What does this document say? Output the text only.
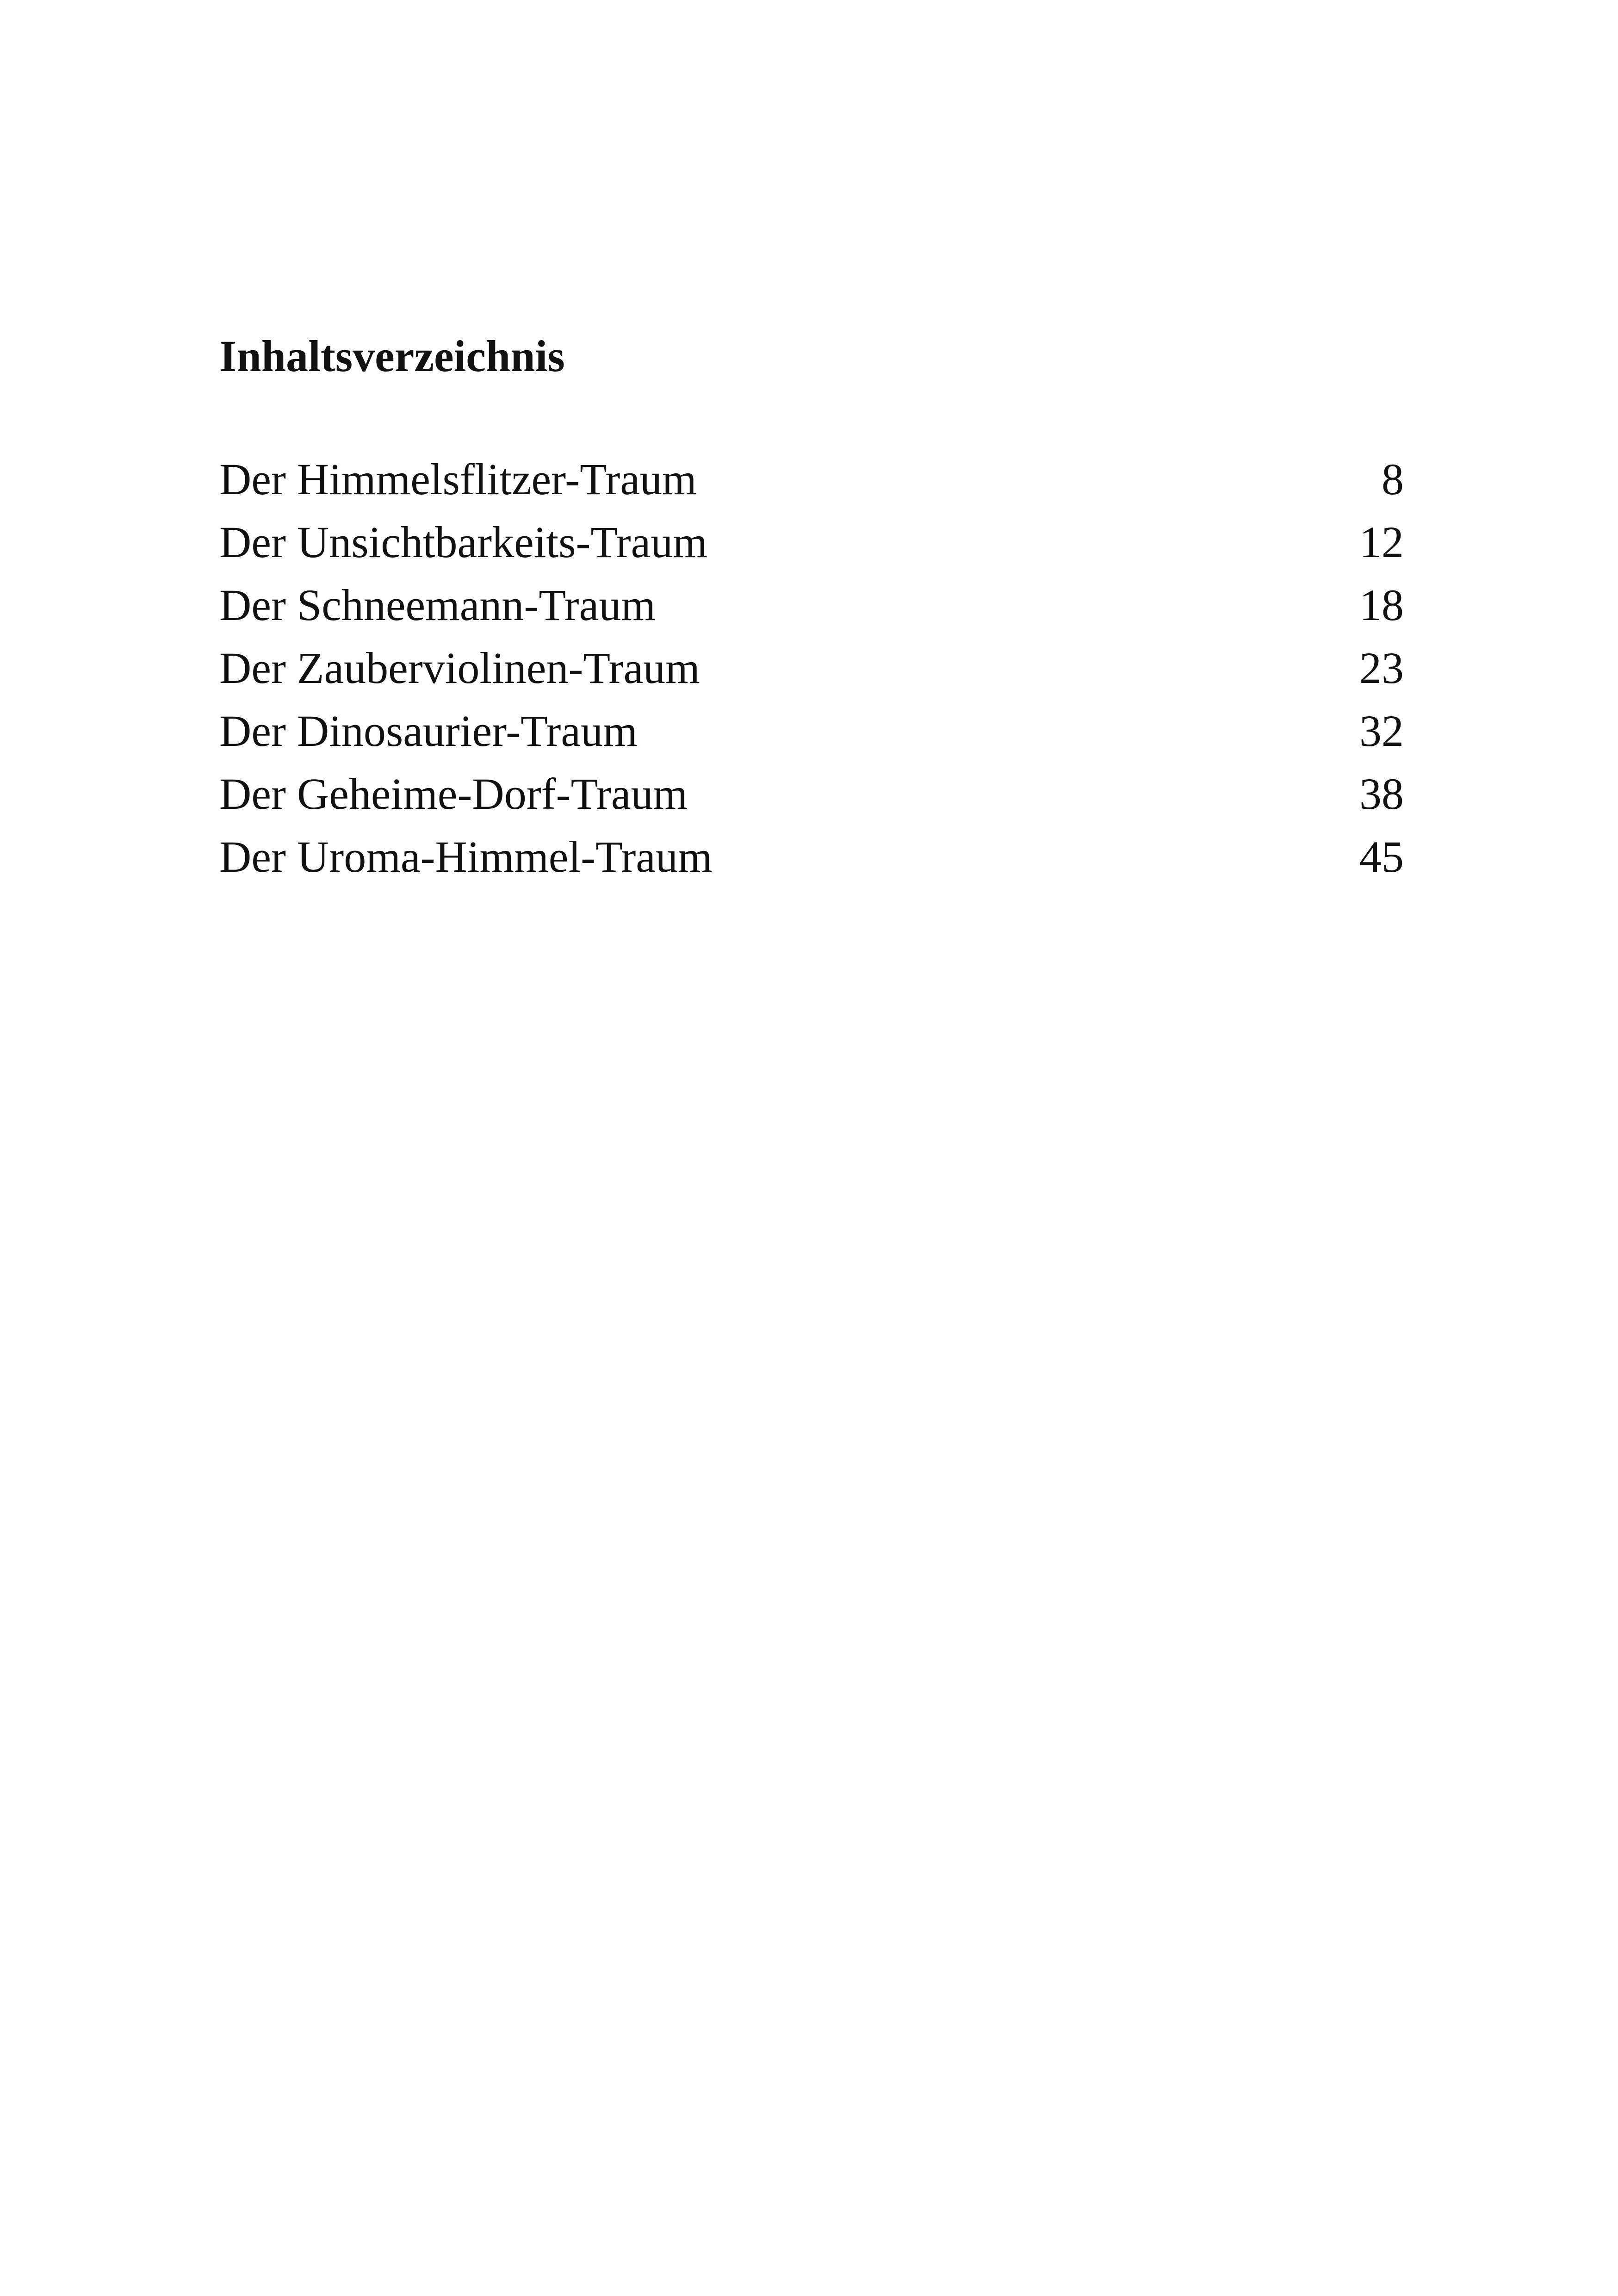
Inhaltsverzeichnis
Der Himmelsflitzer-Traum	8
Der Unsichtbarkeits-Traum	12
Der Schneemann-Traum	18
Der Zauberviolinen-Traum	23
Der Dinosaurier-Traum	32
Der Geheime-Dorf-Traum	38
Der Uroma-Himmel-Traum	45
